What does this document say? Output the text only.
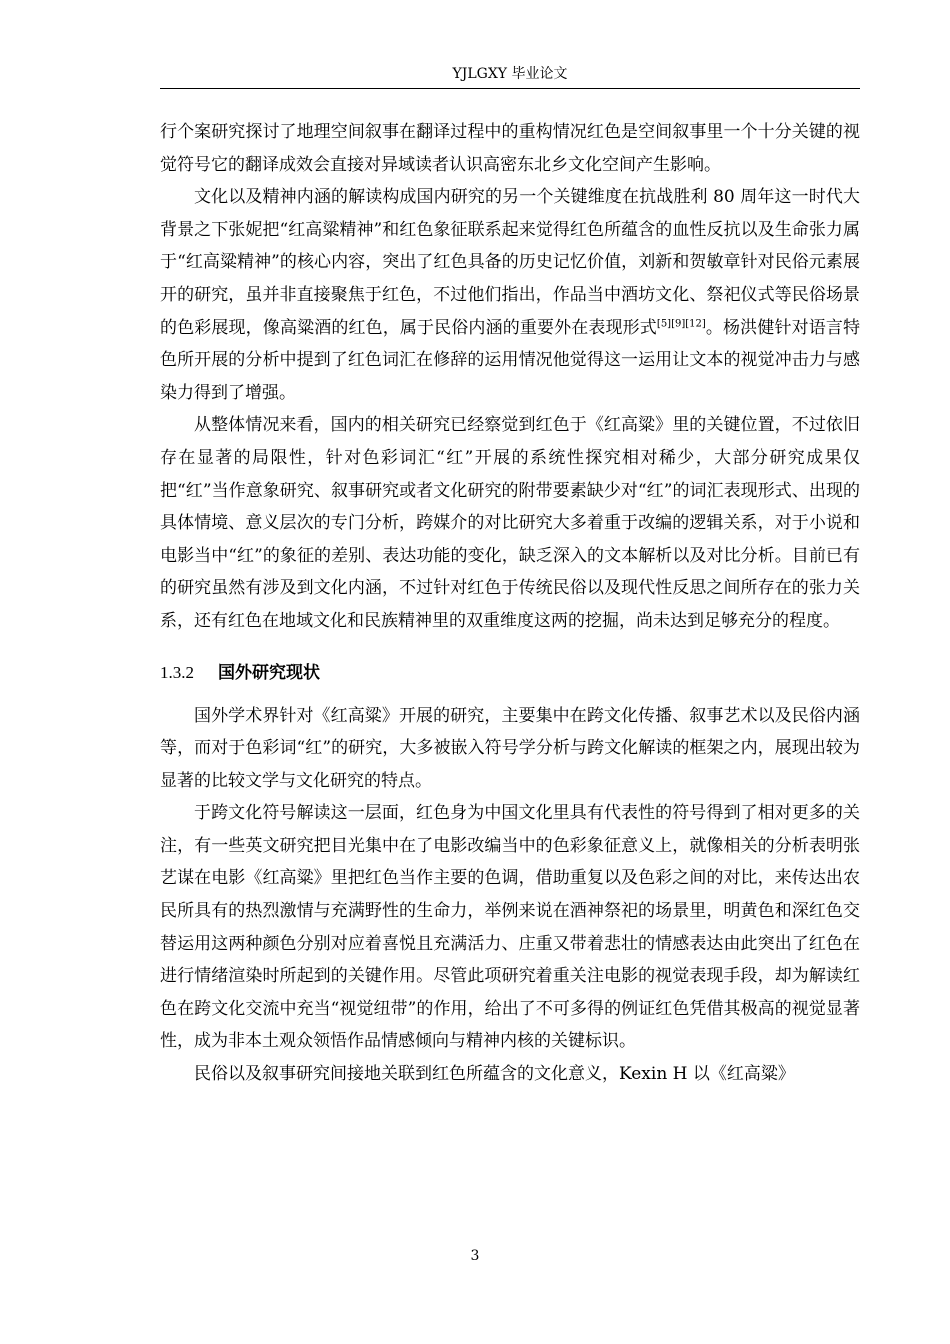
YJLGXY 毕业论文

行个案研究探讨了地理空间叙事在翻译过程中的重构情况红色是空间叙事里一个十分关键的视觉符号它的翻译成效会直接对异域读者认识高密东北乡文化空间产生影响。

文化以及精神内涵的解读构成国内研究的另一个关键维度在抗战胜利 80 周年这一时代大背景之下张妮把“红高粱精神”和红色象征联系起来觉得红色所蕴含的血性反抗以及生命张力属于“红高粱精神”的核心内容，突出了红色具备的历史记忆价值，刘新和贺敏章针对民俗元素展开的研究，虽并非直接聚焦于红色，不过他们指出，作品当中酒坊文化、祭祀仪式等民俗场景的色彩展现，像高粱酒的红色，属于民俗内涵的重要外在表现形式[5][9][12]。杨洪健针对语言特色所开展的分析中提到了红色词汇在修辞的运用情况他觉得这一运用让文本的视觉冲击力与感染力得到了增强。

从整体情况来看，国内的相关研究已经察觉到红色于《红高粱》里的关键位置，不过依旧存在显著的局限性，针对色彩词汇“红”开展的系统性探究相对稀少，大部分研究成果仅把“红”当作意象研究、叙事研究或者文化研究的附带要素缺少对“红”的词汇表现形式、出现的具体情境、意义层次的专门分析，跨媒介的对比研究大多着重于改编的逻辑关系，对于小说和电影当中“红”的象征的差别、表达功能的变化，缺乏深入的文本解析以及对比分析。目前已有的研究虽然有涉及到文化内涵，不过针对红色于传统民俗以及现代性反思之间所存在的张力关系，还有红色在地域文化和民族精神里的双重维度这两的挖掘，尚未达到足够充分的程度。

1.3.2 国外研究现状

国外学术界针对《红高粱》开展的研究，主要集中在跨文化传播、叙事艺术以及民俗内涵等，而对于色彩词“红”的研究，大多被嵌入符号学分析与跨文化解读的框架之内，展现出较为显著的比较文学与文化研究的特点。

于跨文化符号解读这一层面，红色身为中国文化里具有代表性的符号得到了相对更多的关注，有一些英文研究把目光集中在了电影改编当中的色彩象征意义上，就像相关的分析表明张艺谋在电影《红高粱》里把红色当作主要的色调，借助重复以及色彩之间的对比，来传达出农民所具有的热烈激情与充满野性的生命力，举例来说在酒神祭祀的场景里，明黄色和深红色交替运用这两种颜色分别对应着喜悦且充满活力、庄重又带着悲壮的情感表达由此突出了红色在进行情绪渲染时所起到的关键作用。尽管此项研究着重关注电影的视觉表现手段，却为解读红色在跨文化交流中充当“视觉纽带”的作用，给出了不可多得的例证红色凭借其极高的视觉显著性，成为非本土观众领悟作品情感倾向与精神内核的关键标识。

民俗以及叙事研究间接地关联到红色所蕴含的文化意义，Kexin H 以《红高粱》

3
